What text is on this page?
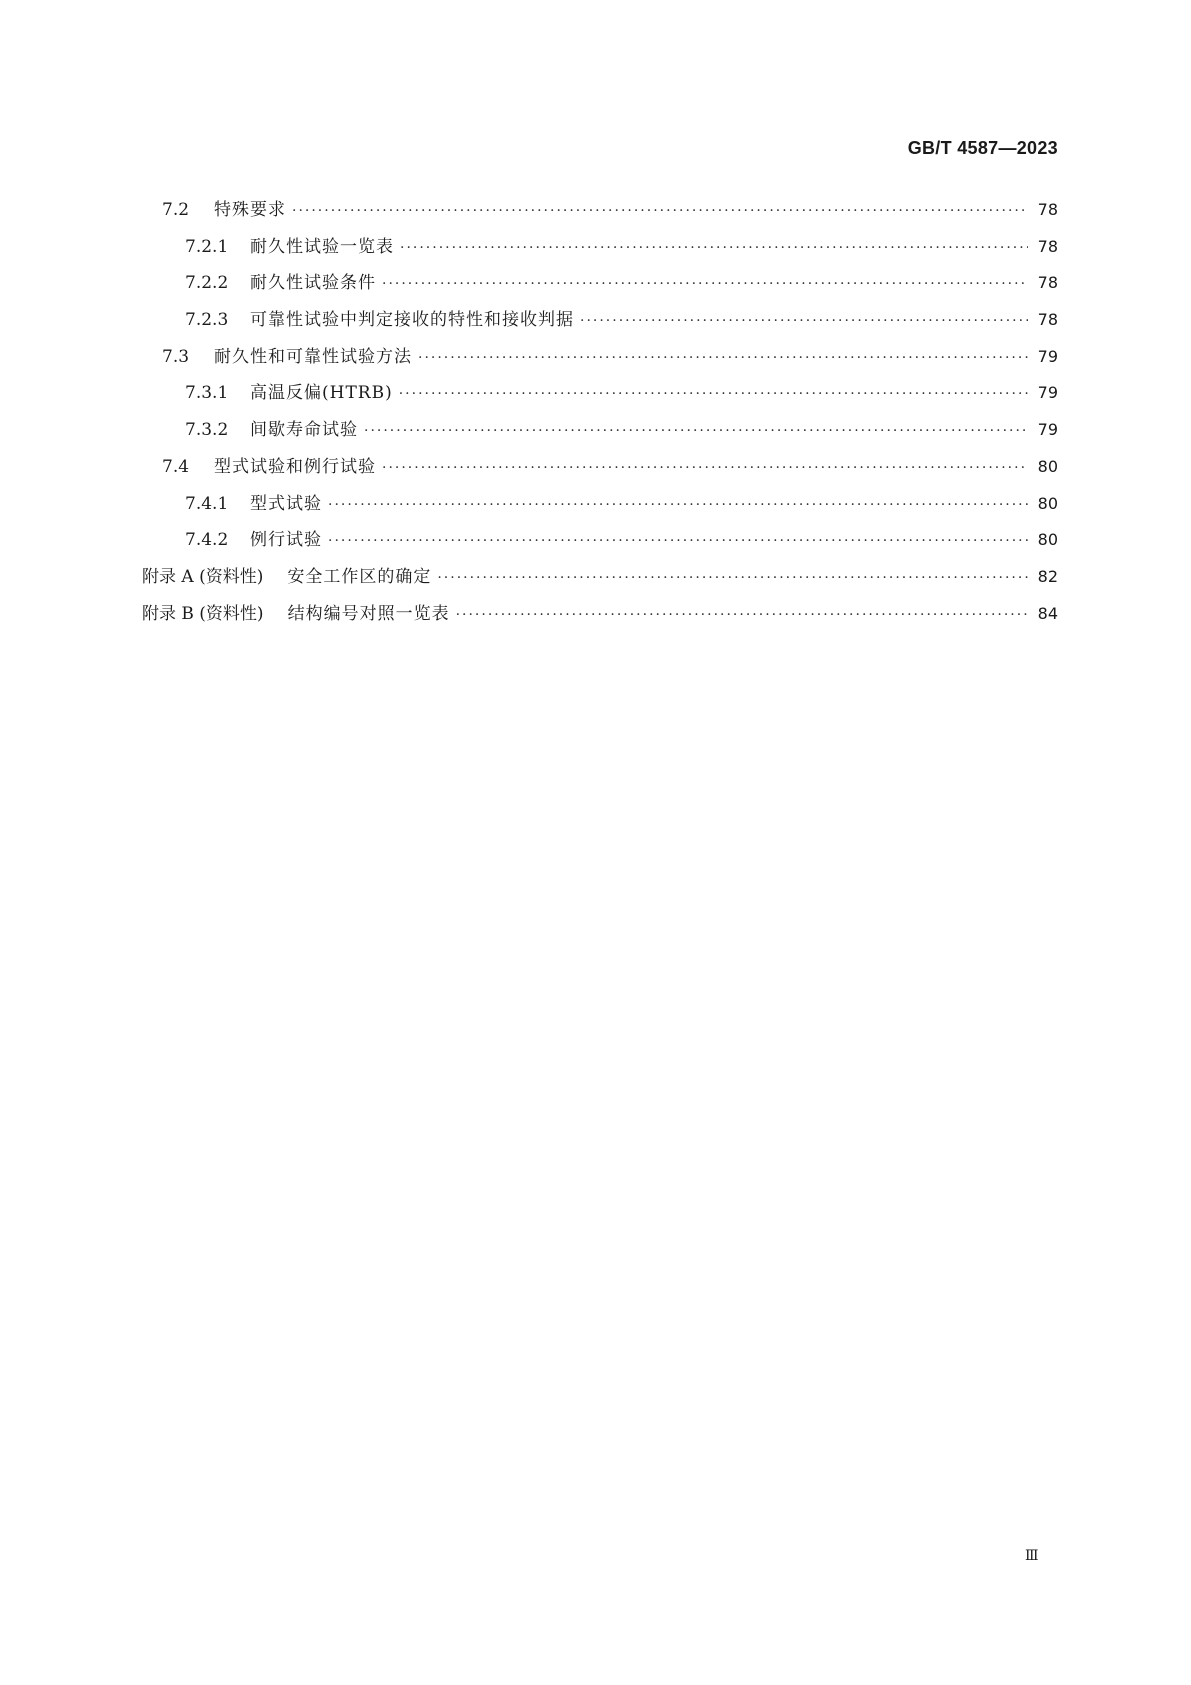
GB/T 4587—2023
7.2	特殊要求 ·····	78
7.2.1	耐久性试验一览表 ·····	78
7.2.2	耐久性试验条件 ·····	78
7.2.3	可靠性试验中判定接收的特性和接收判据 ·····	78
7.3	耐久性和可靠性试验方法 ·····	79
7.3.1	高温反偏(HTRB) ·····	79
7.3.2	间歇寿命试验 ·····	79
7.4	型式试验和例行试验 ·····	80
7.4.1	型式试验 ·····	80
7.4.2	例行试验 ·····	80
附录 A (资料性) 安全工作区的确定 ·····	82
附录 B (资料性) 结构编号对照一览表 ·····	84
Ⅲ
